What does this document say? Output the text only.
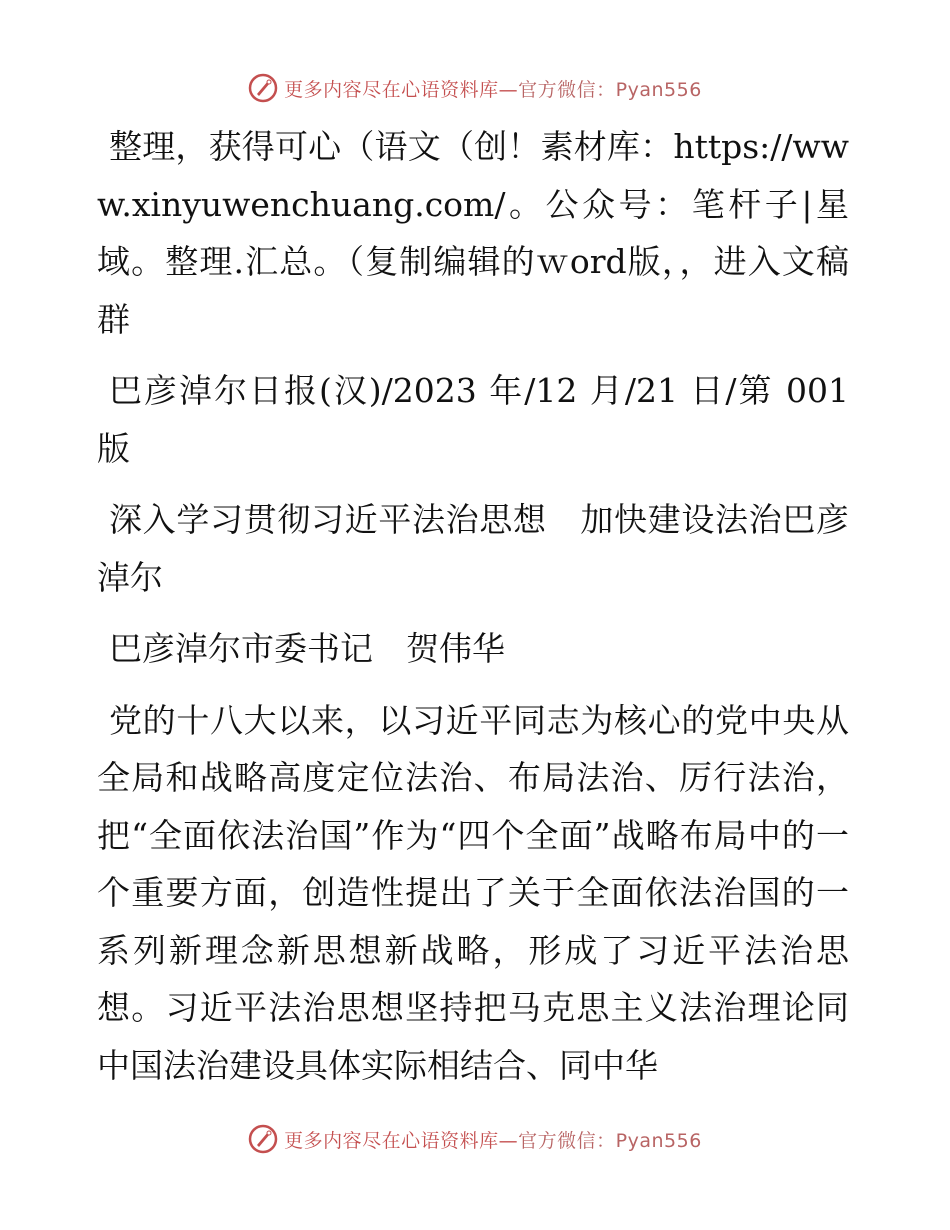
更多内容尽在心语资料库—官方微信：Pyan556

整理，获得可心（语文（创！素材库：https://www.xinyuwenchuang.com/。公众号：笔杆子|星域。整理.汇总。（复制编辑的ｗord版，，进入文稿群

巴彦淖尔日报(汉)/2023 年/12 月/21 日/第 001 版

深入学习贯彻习近平法治思想　加快建设法治巴彦淖尔

巴彦淖尔市委书记　贺伟华

党的十八大以来，以习近平同志为核心的党中央从全局和战略高度定位法治、布局法治、厉行法治，把“全面依法治国”作为“四个全面”战略布局中的一个重要方面，创造性提出了关于全面依法治国的一系列新理念新思想新战略，形成了习近平法治思想。习近平法治思想坚持把马克思主义法治理论同中国法治建设具体实际相结合、同中华

更多内容尽在心语资料库—官方微信：Pyan556
